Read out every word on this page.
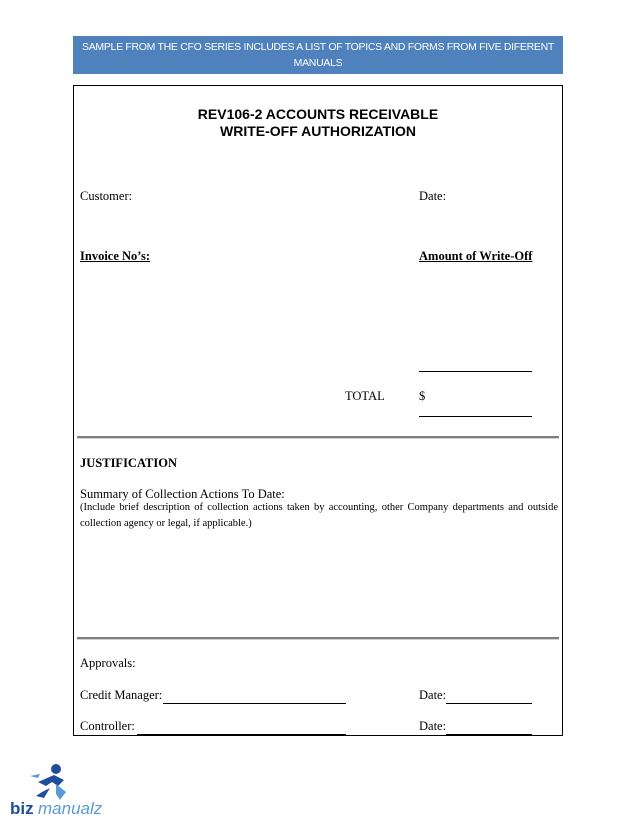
SAMPLE FROM THE CFO SERIES INCLUDES A LIST OF TOPICS AND FORMS FROM FIVE DIFERENT
MANUALS
REV106-2 ACCOUNTS RECEIVABLE
WRITE-OFF AUTHORIZATION
Customer:	Date:
Invoice No’s:	Amount of Write-Off
TOTAL	$
JUSTIFICATION
Summary of Collection Actions To Date:
(Include brief description of collection actions taken by accounting, other Company departments and outside collection agency or legal, if applicable.)
Approvals:
Credit Manager:	Date:
Controller:	Date:
biz manualz
